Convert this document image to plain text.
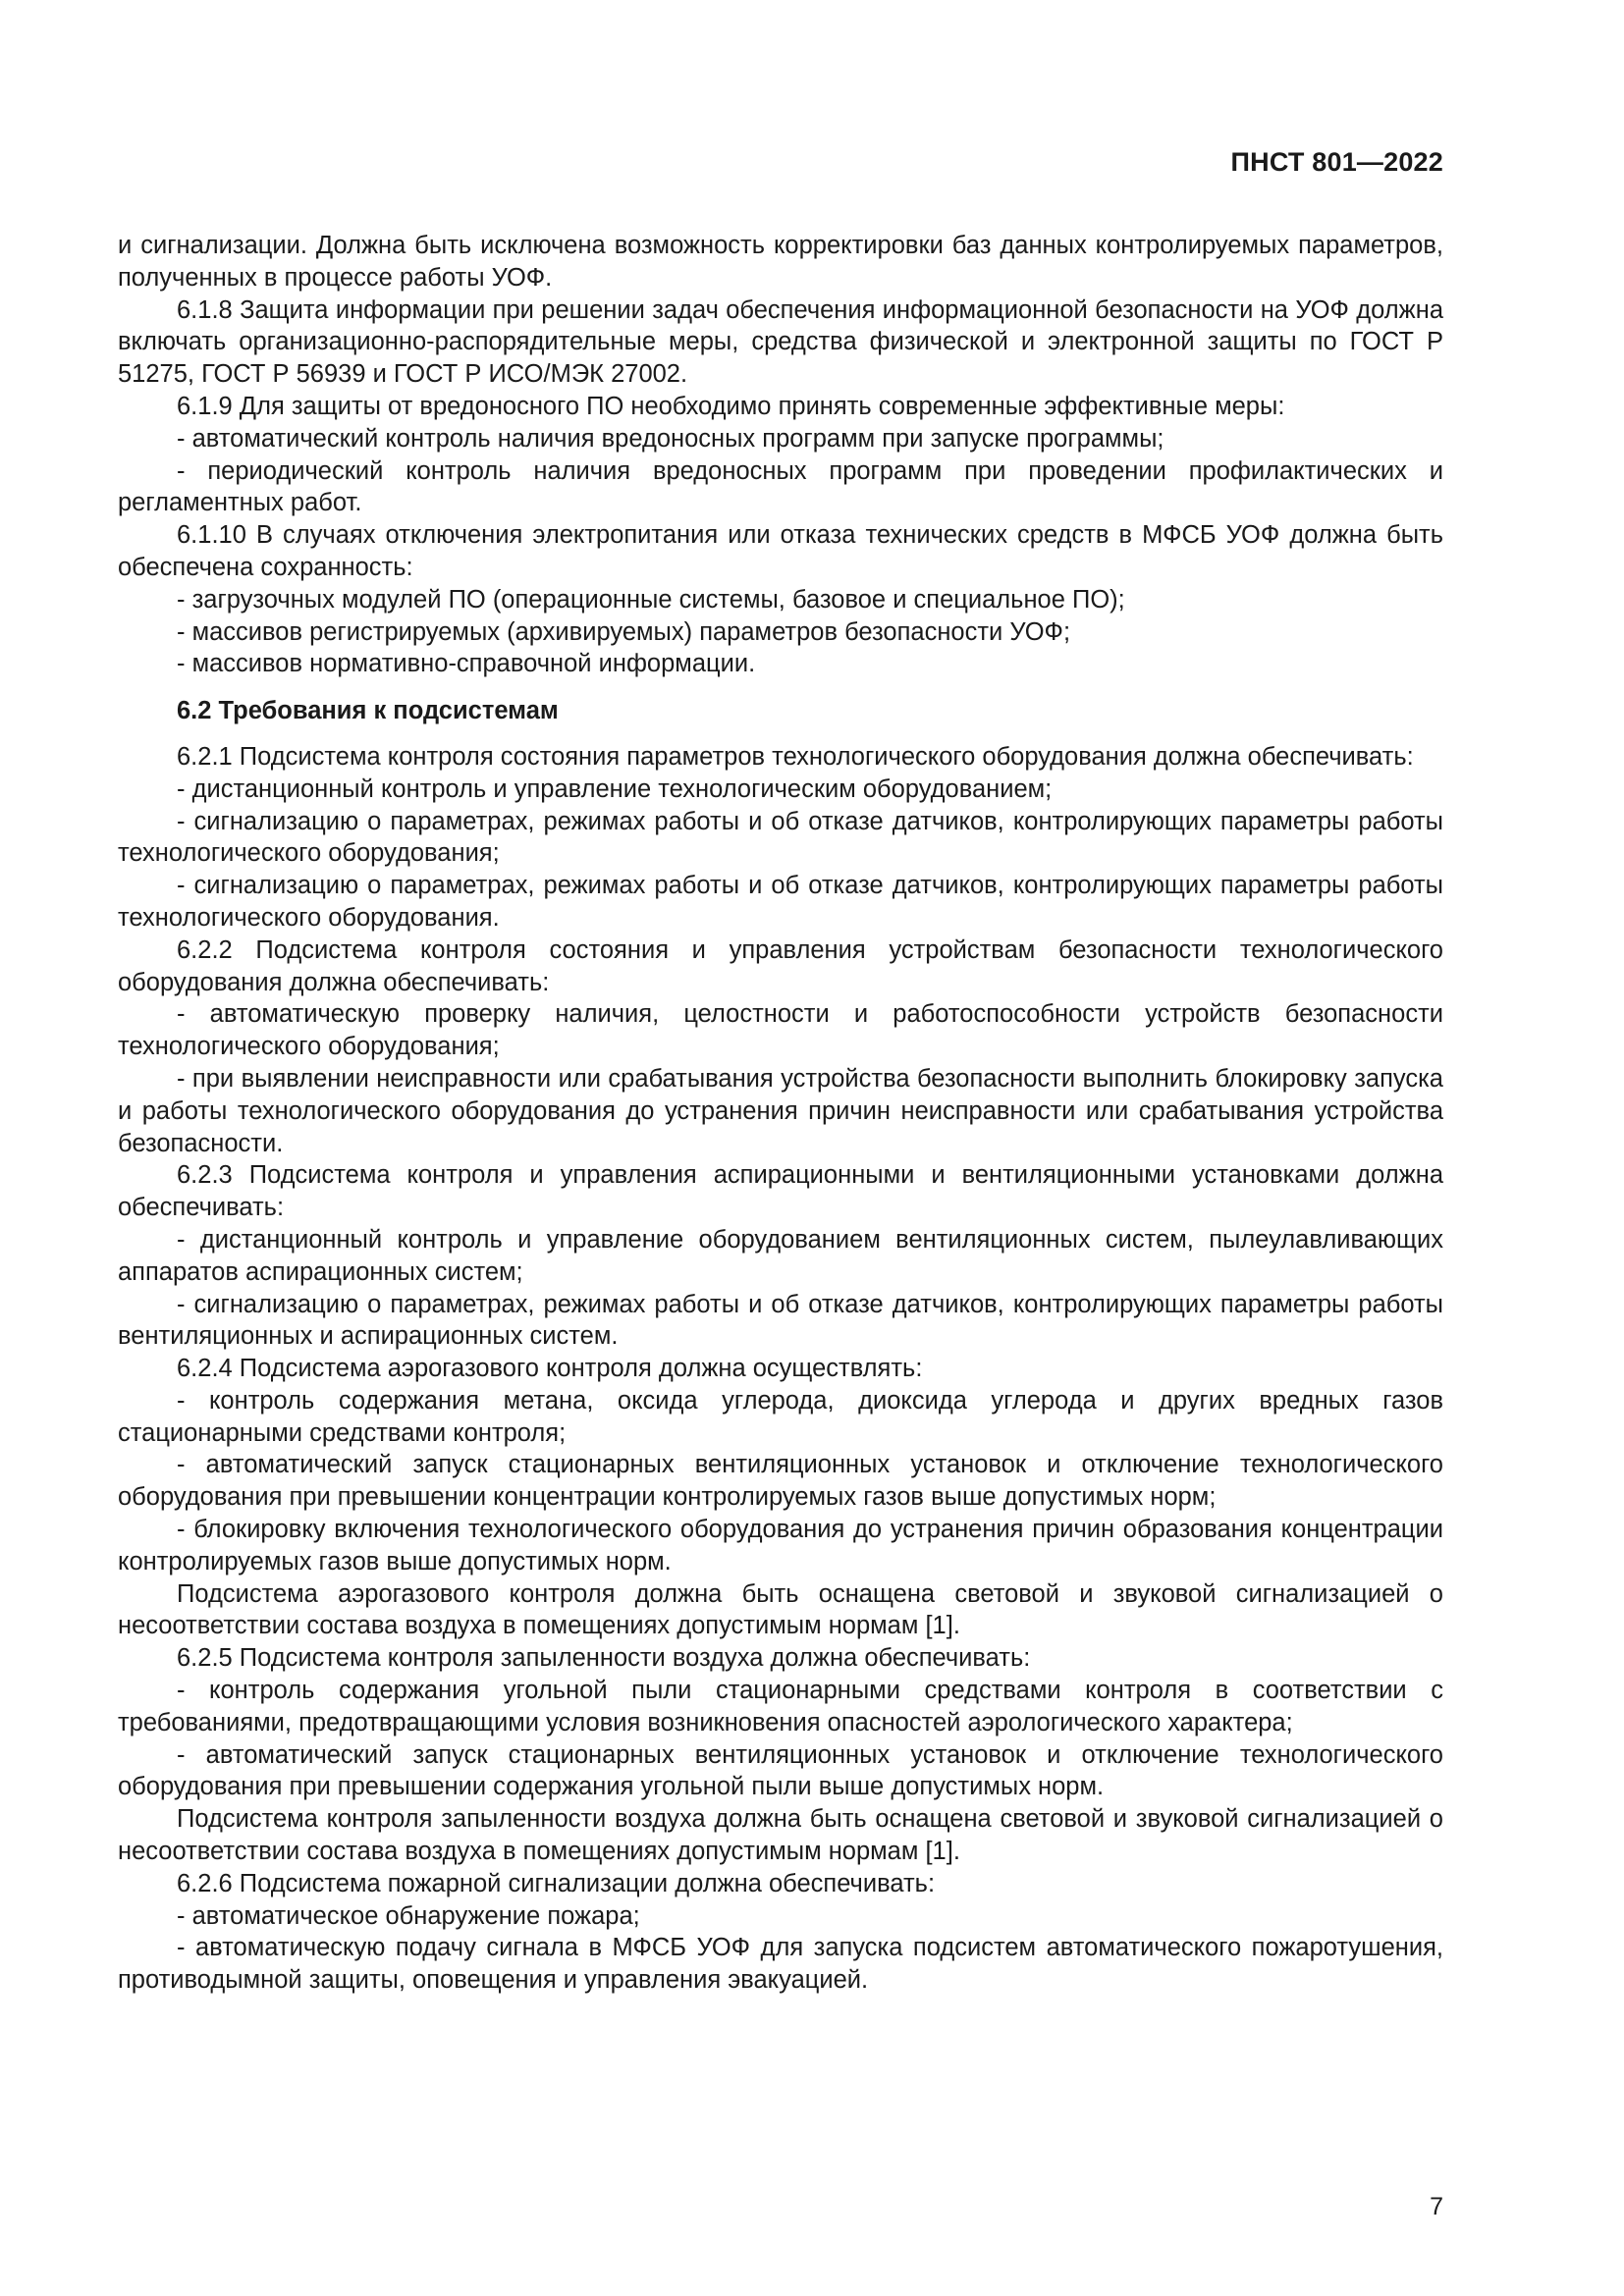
ПНСТ 801—2022

и сигнализации. Должна быть исключена возможность корректировки баз данных контролируемых параметров, полученных в процессе работы УОФ.

6.1.8 Защита информации при решении задач обеспечения информационной безопасности на УОФ должна включать организационно-распорядительные меры, средства физической и электронной защиты по ГОСТ Р 51275, ГОСТ Р 56939 и ГОСТ Р ИСО/МЭК 27002.

6.1.9 Для защиты от вредоносного ПО необходимо принять современные эффективные меры:

- автоматический контроль наличия вредоносных программ при запуске программы;

- периодический контроль наличия вредоносных программ при проведении профилактических и регламентных работ.

6.1.10 В случаях отключения электропитания или отказа технических средств в МФСБ УОФ должна быть обеспечена сохранность:

- загрузочных модулей ПО (операционные системы, базовое и специальное ПО);

- массивов регистрируемых (архивируемых) параметров безопасности УОФ;

- массивов нормативно-справочной информации.

6.2 Требования к подсистемам

6.2.1 Подсистема контроля состояния параметров технологического оборудования должна обеспечивать:

- дистанционный контроль и управление технологическим оборудованием;

- сигнализацию о параметрах, режимах работы и об отказе датчиков, контролирующих параметры работы технологического оборудования;

- сигнализацию о параметрах, режимах работы и об отказе датчиков, контролирующих параметры работы технологического оборудования.

6.2.2 Подсистема контроля состояния и управления устройствам безопасности технологического оборудования должна обеспечивать:

- автоматическую проверку наличия, целостности и работоспособности устройств безопасности технологического оборудования;

- при выявлении неисправности или срабатывания устройства безопасности выполнить блокировку запуска и работы технологического оборудования до устранения причин неисправности или срабатывания устройства безопасности.

6.2.3 Подсистема контроля и управления аспирационными и вентиляционными установками должна обеспечивать:

- дистанционный контроль и управление оборудованием вентиляционных систем, пылеулавливающих аппаратов аспирационных систем;

- сигнализацию о параметрах, режимах работы и об отказе датчиков, контролирующих параметры работы вентиляционных и аспирационных систем.

6.2.4 Подсистема аэрогазового контроля должна осуществлять:

- контроль содержания метана, оксида углерода, диоксида углерода и других вредных газов стационарными средствами контроля;

- автоматический запуск стационарных вентиляционных установок и отключение технологического оборудования при превышении концентрации контролируемых газов выше допустимых норм;

- блокировку включения технологического оборудования до устранения причин образования концентрации контролируемых газов выше допустимых норм.

Подсистема аэрогазового контроля должна быть оснащена световой и звуковой сигнализацией о несоответствии состава воздуха в помещениях допустимым нормам [1].

6.2.5 Подсистема контроля запыленности воздуха должна обеспечивать:

- контроль содержания угольной пыли стационарными средствами контроля в соответствии с требованиями, предотвращающими условия возникновения опасностей аэрологического характера;

- автоматический запуск стационарных вентиляционных установок и отключение технологического оборудования при превышении содержания угольной пыли выше допустимых норм.

Подсистема контроля запыленности воздуха должна быть оснащена световой и звуковой сигнализацией о несоответствии состава воздуха в помещениях допустимым нормам [1].

6.2.6 Подсистема пожарной сигнализации должна обеспечивать:

- автоматическое обнаружение пожара;

- автоматическую подачу сигнала в МФСБ УОФ для запуска подсистем автоматического пожаротушения, противодымной защиты, оповещения и управления эвакуацией.

7
